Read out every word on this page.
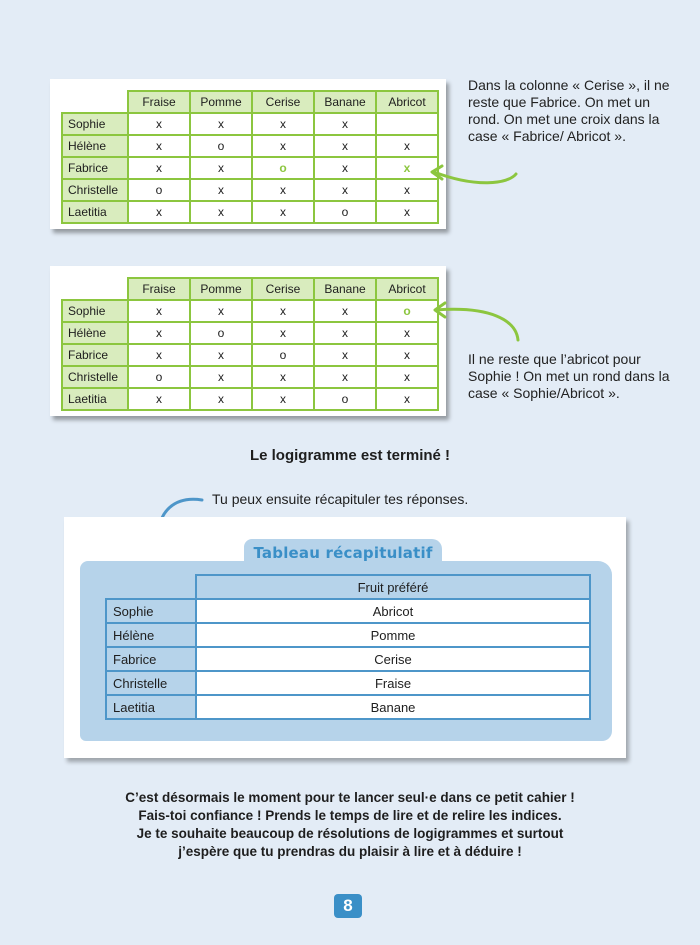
	Fraise	Pomme	Cerise	Banane	Abricot
Sophie	x	x	x	x	
Hélène	x	o	x	x	x
Fabrice	x	x	o	x	x
Christelle	o	x	x	x	x
Laetitia	x	x	x	o	x
Dans la colonne « Cerise », il ne reste que Fabrice. On met un rond. On met une croix dans la case « Fabrice/ Abricot ».
	Fraise	Pomme	Cerise	Banane	Abricot
Sophie	x	x	x	x	o
Hélène	x	o	x	x	x
Fabrice	x	x	o	x	x
Christelle	o	x	x	x	x
Laetitia	x	x	x	o	x
Il ne reste que l’abricot pour Sophie ! On met un rond dans la case « Sophie/Abricot ».
Le logigramme est terminé !
Tu peux ensuite récapituler tes réponses.
Tableau récapitulatif
	Fruit préféré
Sophie	Abricot
Hélène	Pomme
Fabrice	Cerise
Christelle	Fraise
Laetitia	Banane
C’est désormais le moment pour te lancer seul·e dans ce petit cahier !
Fais-toi confiance ! Prends le temps de lire et de relire les indices.
Je te souhaite beaucoup de résolutions de logigrammes et surtout
j’espère que tu prendras du plaisir à lire et à déduire !
8
